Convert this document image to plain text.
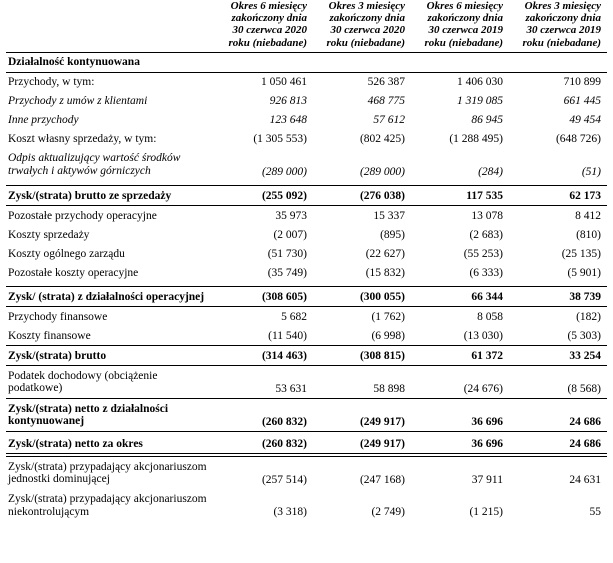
Okres 6 miesięcy
zakończony dnia
30 czerwca 2020
roku (niebadane)

Okres 3 miesięcy
zakończony dnia
30 czerwca 2020
roku (niebadane)

Okres 6 miesięcy
zakończony dnia
30 czerwca 2019
roku (niebadane)

Okres 3 miesięcy
zakończony dnia
30 czerwca 2019
roku (niebadane)

Działalność kontynuowana				
Przychody, w tym:	1 050 461	526 387	1 406 030	710 899
Przychody z umów z klientami	926 813	468 775	1 319 085	661 445
Inne przychody	123 648	57 612	86 945	49 454
Koszt własny sprzedaży, w tym:	(1 305 553)	(802 425)	(1 288 495)	(648 726)
Odpis aktualizujący wartość środków trwałych i aktywów górniczych	(289 000)	(289 000)	(284)	(51)

Zysk/(strata) brutto ze sprzedaży	(255 092)	(276 038)	117 535	62 173
Pozostałe przychody operacyjne	35 973	15 337	13 078	8 412
Koszty sprzedaży	(2 007)	(895)	(2 683)	(810)
Koszty ogólnego zarządu	(51 730)	(22 627)	(55 253)	(25 135)
Pozostałe koszty operacyjne	(35 749)	(15 832)	(6 333)	(5 901)

Zysk/ (strata) z działalności operacyjnej	(308 605)	(300 055)	66 344	38 739
Przychody finansowe	5 682	(1 762)	8 058	(182)
Koszty finansowe	(11 540)	(6 998)	(13 030)	(5 303)
Zysk/(strata) brutto	(314 463)	(308 815)	61 372	33 254
Podatek dochodowy (obciążenie podatkowe)	53 631	58 898	(24 676)	(8 568)
Zysk/(strata) netto z działalności kontynuowanej	(260 832)	(249 917)	36 696	24 686

Zysk/(strata) netto za okres	(260 832)	(249 917)	36 696	24 686

Zysk/(strata) przypadający akcjonariuszom jednostki dominującej	(257 514)	(247 168)	37 911	24 631
Zysk/(strata) przypadający akcjonariuszom niekontrolującym	(3 318)	(2 749)	(1 215)	55
